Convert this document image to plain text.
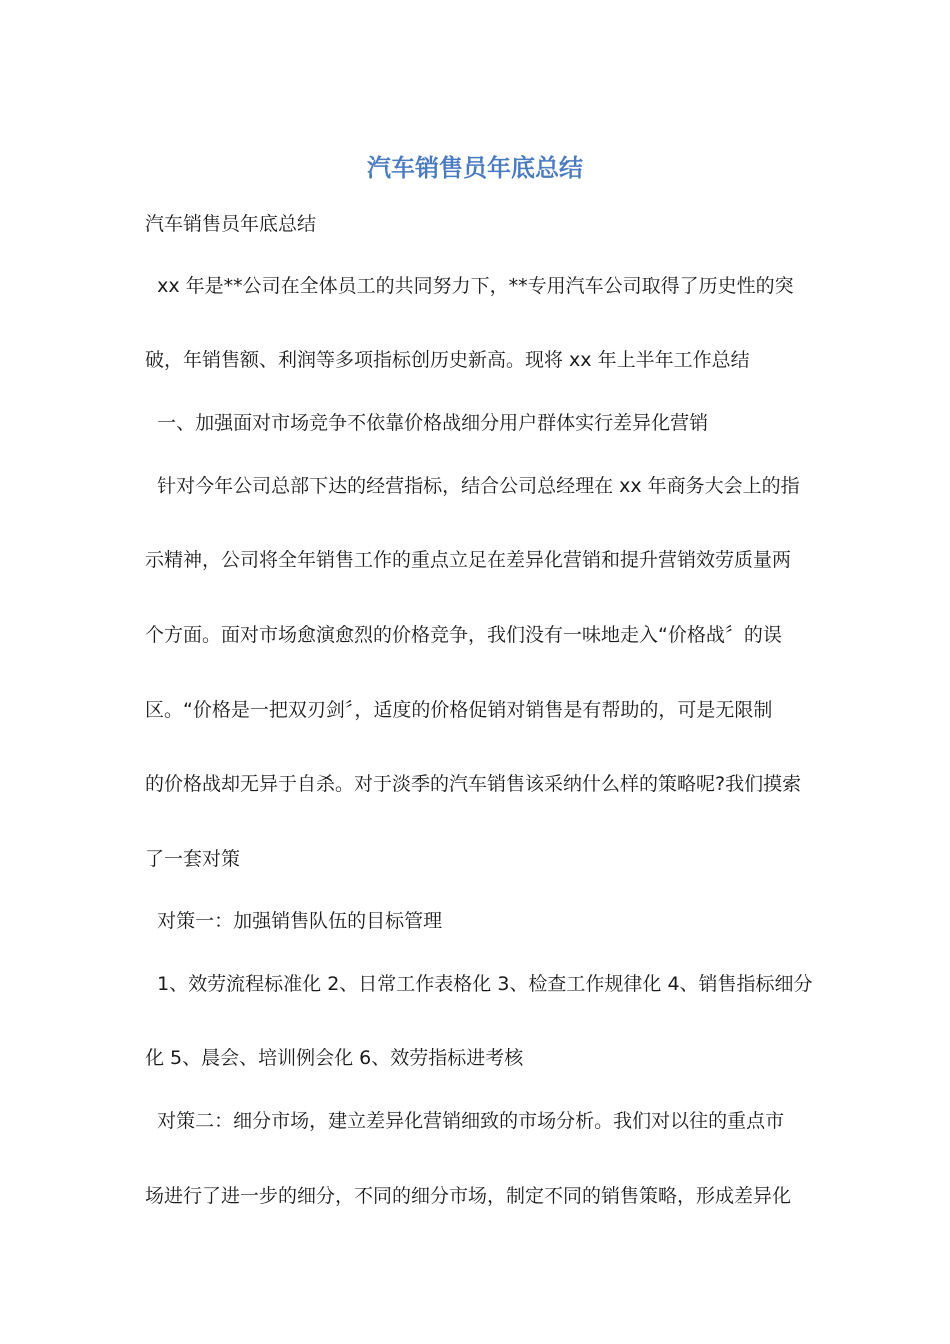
汽车销售员年底总结

汽车销售员年底总结

xx 年是**公司在全体员工的共同努力下，**专用汽车公司取得了历史性的突

破，年销售额、利润等多项指标创历史新高。现将 xx 年上半年工作总结

一、加强面对市场竞争不依靠价格战细分用户群体实行差异化营销

针对今年公司总部下达的经营指标，结合公司总经理在 xx 年商务大会上的指

示精神，公司将全年销售工作的重点立足在差异化营销和提升营销效劳质量两

个方面。面对市场愈演愈烈的价格竞争，我们没有一味地走入“价格战〞的误

区。“价格是一把双刃剑〞，适度的价格促销对销售是有帮助的，可是无限制

的价格战却无异于自杀。对于淡季的汽车销售该采纳什么样的策略呢?我们摸索

了一套对策

对策一：加强销售队伍的目标管理

1、效劳流程标准化 2、日常工作表格化 3、检查工作规律化 4、销售指标细分

化 5、晨会、培训例会化 6、效劳指标进考核

对策二：细分市场，建立差异化营销细致的市场分析。我们对以往的重点市

场进行了进一步的细分，不同的细分市场，制定不同的销售策略，形成差异化
